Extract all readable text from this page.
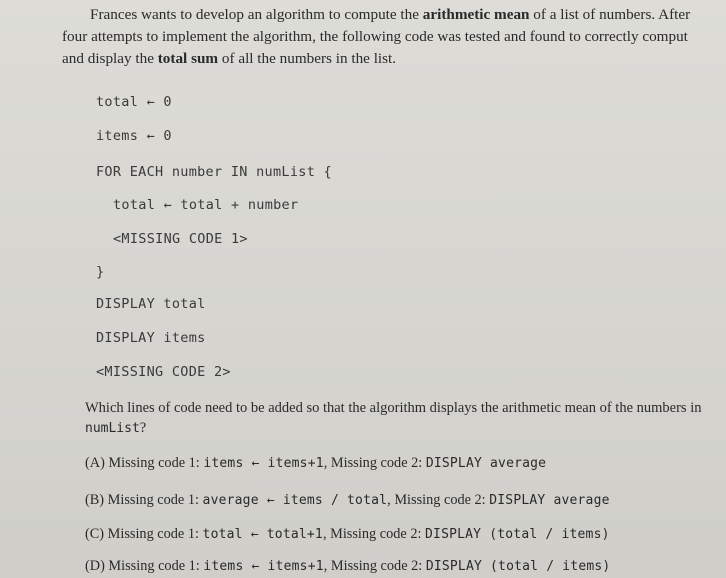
Frances wants to develop an algorithm to compute the arithmetic mean of a list of numbers. After
four attempts to implement the algorithm, the following code was tested and found to correctly comput
and display the total sum of all the numbers in the list.
total ← 0
items ← 0
FOR EACH number IN numList {
total ← total + number
<MISSING CODE 1>
}
DISPLAY total
DISPLAY items
<MISSING CODE 2>
Which lines of code need to be added so that the algorithm displays the arithmetic mean of the numbers in numList?
(A) Missing code 1: items ← items+1, Missing code 2: DISPLAY average
(B) Missing code 1: average ← items / total, Missing code 2: DISPLAY average
(C) Missing code 1: total ← total+1, Missing code 2: DISPLAY (total / items)
(D) Missing code 1: items ← items+1, Missing code 2: DISPLAY (total / items)
